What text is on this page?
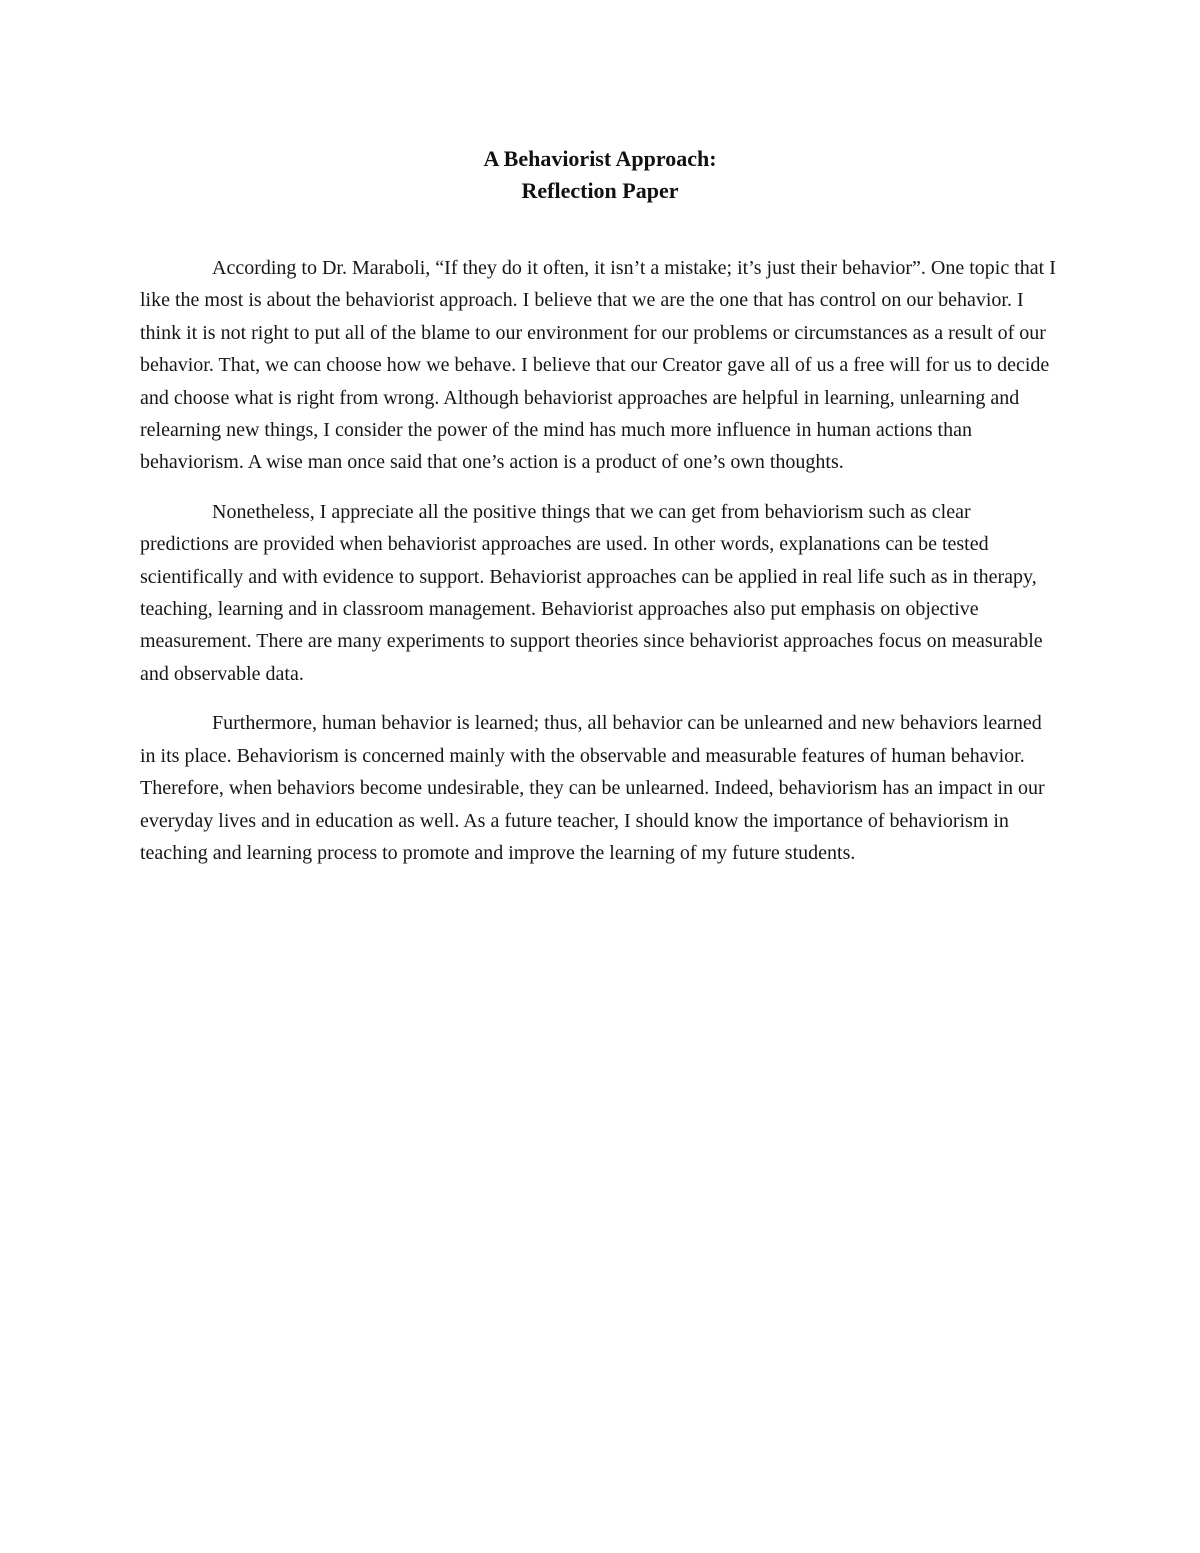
A Behaviorist Approach:
Reflection Paper

According to Dr. Maraboli, “If they do it often, it isn’t a mistake; it’s just their behavior”. One topic that I like the most is about the behaviorist approach. I believe that we are the one that has control on our behavior. I think it is not right to put all of the blame to our environment for our problems or circumstances as a result of our behavior. That, we can choose how we behave. I believe that our Creator gave all of us a free will for us to decide and choose what is right from wrong. Although behaviorist approaches are helpful in learning, unlearning and relearning new things, I consider the power of the mind has much more influence in human actions than behaviorism. A wise man once said that one’s action is a product of one’s own thoughts.

Nonetheless, I appreciate all the positive things that we can get from behaviorism such as clear predictions are provided when behaviorist approaches are used. In other words, explanations can be tested scientifically and with evidence to support. Behaviorist approaches can be applied in real life such as in therapy, teaching, learning and in classroom management. Behaviorist approaches also put emphasis on objective measurement. There are many experiments to support theories since behaviorist approaches focus on measurable and observable data.

Furthermore, human behavior is learned; thus, all behavior can be unlearned and new behaviors learned in its place. Behaviorism is concerned mainly with the observable and measurable features of human behavior. Therefore, when behaviors become undesirable, they can be unlearned. Indeed, behaviorism has an impact in our everyday lives and in education as well. As a future teacher, I should know the importance of behaviorism in teaching and learning process to promote and improve the learning of my future students.
